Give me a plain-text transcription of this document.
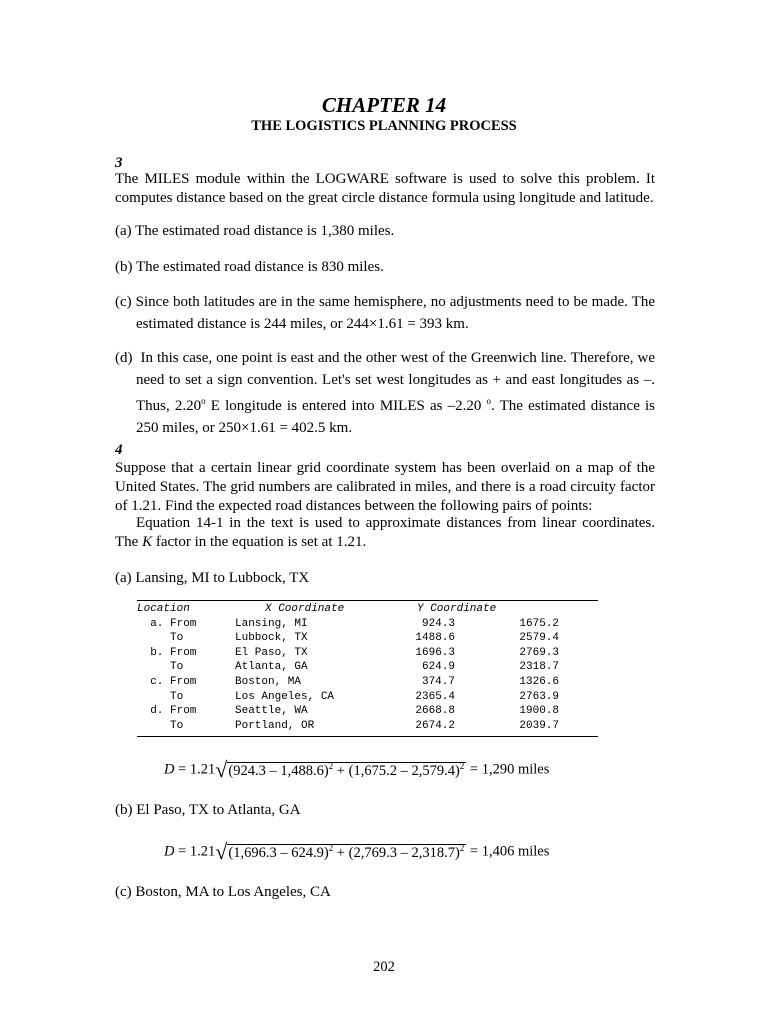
CHAPTER 14

THE LOGISTICS PLANNING PROCESS

3

The MILES module within the LOGWARE software is used to solve this problem. It computes distance based on the great circle distance formula using longitude and latitude.

(a) The estimated road distance is 1,380 miles.

(b) The estimated road distance is 830 miles.

(c) Since both latitudes are in the same hemisphere, no adjustments need to be made. The estimated distance is 244 miles, or 244×1.61 = 393 km.

(d) In this case, one point is east and the other west of the Greenwich line. Therefore, we need to set a sign convention. Let's set west longitudes as + and east longitudes as –. Thus, 2.20$^o$ E longitude is entered into MILES as –2.20 $^o$. The estimated distance is 250 miles, or 250×1.61 = 402.5 km.

4

Suppose that a certain linear grid coordinate system has been overlaid on a map of the United States. The grid numbers are calibrated in miles, and there is a road circuity factor of 1.21. Find the expected road distances between the following pairs of points:

Equation 14-1 in the text is used to approximate distances from linear coordinates. The K factor in the equation is set at 1.21.

(a) Lansing, MI to Lubbock, TX

Location	X Coordinate	Y Coordinate	
a. From	Lansing, MI	924.3	1675.2
To	Lubbock, TX	1488.6	2579.4
b. From	El Paso, TX	1696.3	2769.3
To	Atlanta, GA	624.9	2318.7
c. From	Boston, MA	374.7	1326.6
To	Los Angeles, CA	2365.4	2763.9
d. From	Seattle, WA	2668.8	1900.8
To	Portland, OR	2674.2	2039.7
D = 1.21√(924.3 – 1,488.6)$^2$ + (1,675.2 – 2,579.4)$^2$ = 1,290 miles

(b) El Paso, TX to Atlanta, GA

D = 1.21√(1,696.3 – 624.9)$^2$ + (2,769.3 – 2,318.7)$^2$ = 1,406 miles

(c) Boston, MA to Los Angeles, CA

202
